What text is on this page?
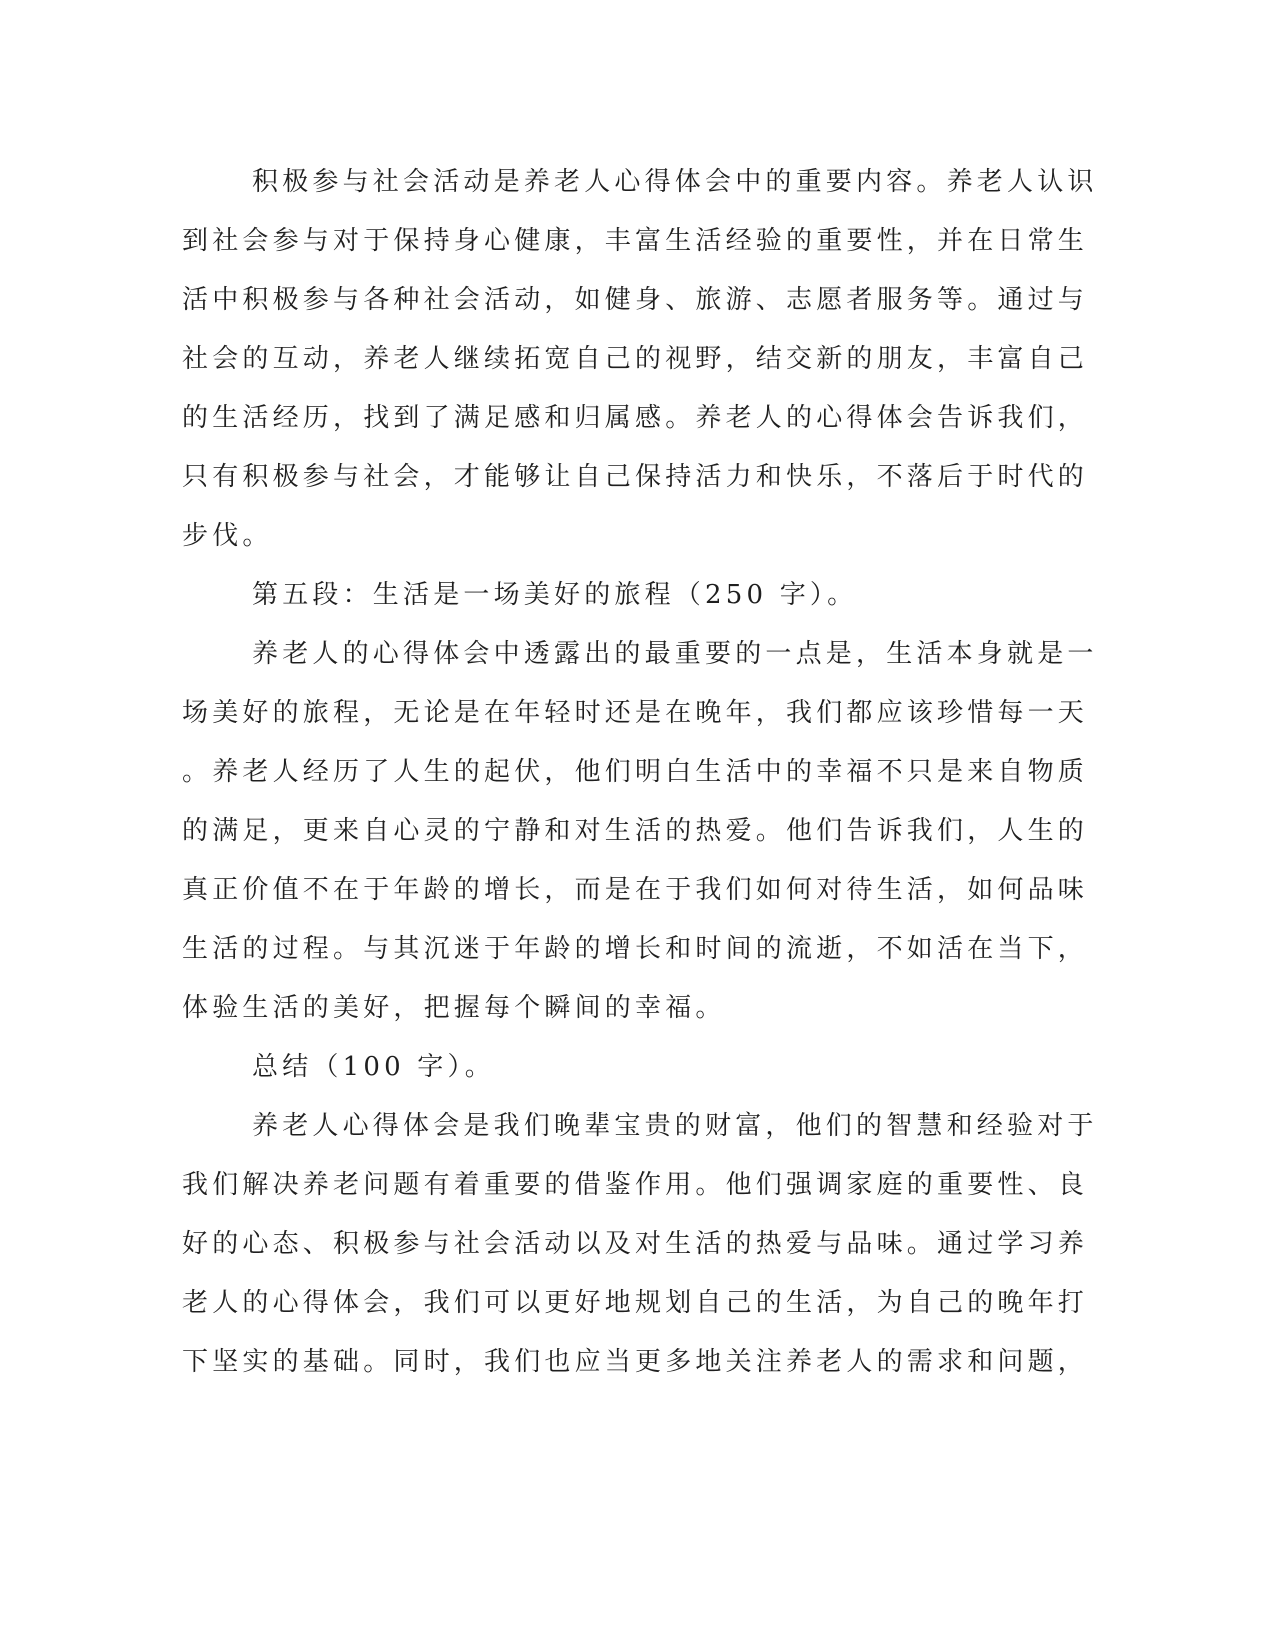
积极参与社会活动是养老人心得体会中的重要内容。养老人认识

到社会参与对于保持身心健康，丰富生活经验的重要性，并在日常生

活中积极参与各种社会活动，如健身、旅游、志愿者服务等。通过与

社会的互动，养老人继续拓宽自己的视野，结交新的朋友，丰富自己

的生活经历，找到了满足感和归属感。养老人的心得体会告诉我们，

只有积极参与社会，才能够让自己保持活力和快乐，不落后于时代的

步伐。

第五段：生活是一场美好的旅程（250 字）。

养老人的心得体会中透露出的最重要的一点是，生活本身就是一

场美好的旅程，无论是在年轻时还是在晚年，我们都应该珍惜每一天

。养老人经历了人生的起伏，他们明白生活中的幸福不只是来自物质

的满足，更来自心灵的宁静和对生活的热爱。他们告诉我们，人生的

真正价值不在于年龄的增长，而是在于我们如何对待生活，如何品味

生活的过程。与其沉迷于年龄的增长和时间的流逝，不如活在当下，

体验生活的美好，把握每个瞬间的幸福。

总结（100 字）。

养老人心得体会是我们晚辈宝贵的财富，他们的智慧和经验对于

我们解决养老问题有着重要的借鉴作用。他们强调家庭的重要性、良

好的心态、积极参与社会活动以及对生活的热爱与品味。通过学习养

老人的心得体会，我们可以更好地规划自己的生活，为自己的晚年打

下坚实的基础。同时，我们也应当更多地关注养老人的需求和问题，
